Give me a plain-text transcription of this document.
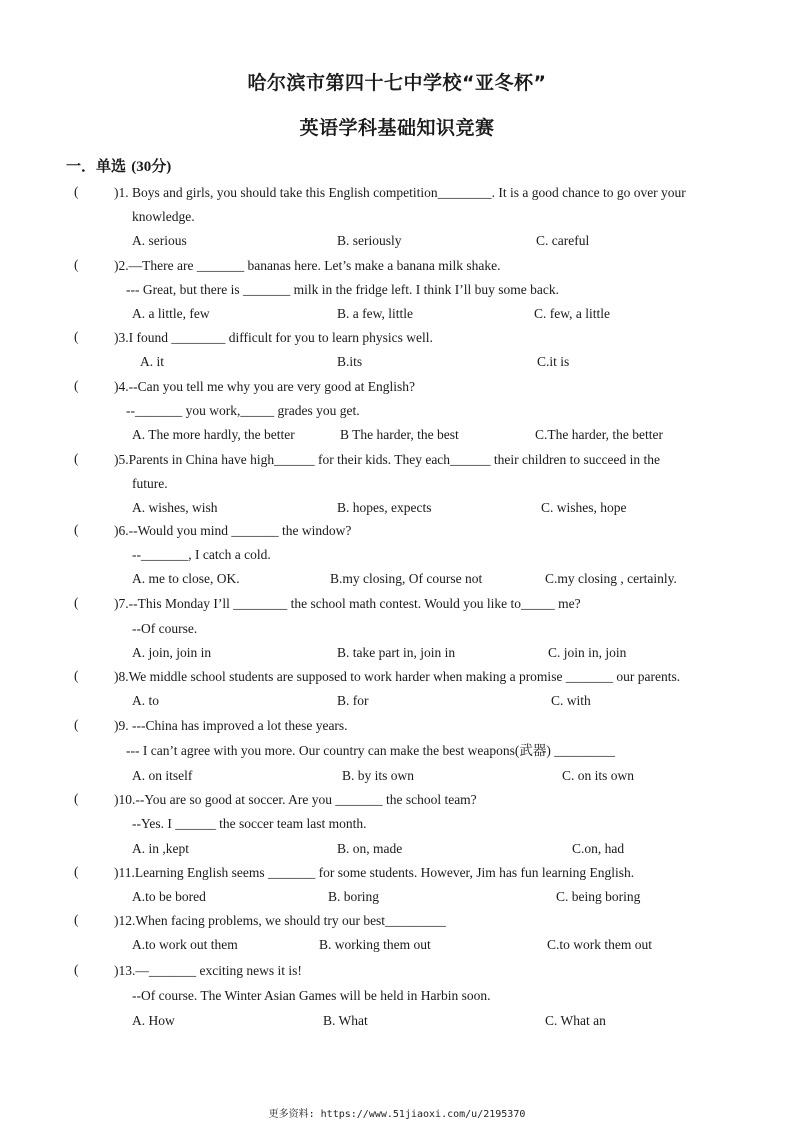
哈尔滨市第四十七中学校“亚冬杯”
英语学科基础知识竞赛
一．单选 (30分)
(	)1. Boys and girls, you should take this English competition________. It is a good chance to go over your
knowledge.
A. serious	B. seriously	C. careful
(	)2.—There are _______ bananas here. Let’s make a banana milk shake.
--- Great, but there is _______ milk in the fridge left. I think I’ll buy some back.
A. a little, few	B. a few, little	C. few, a little
(	)3.I found ________ difficult for you to learn physics well.
A. it	B.its	C.it is
(	)4.--Can you tell me why you are very good at English?
--_______ you work,_____ grades you get.
A. The more hardly, the better	B The harder, the best	C.The harder, the better
(	)5.Parents in China have high______ for their kids. They each______ their children to succeed in the
future.
A. wishes, wish	B. hopes, expects	C. wishes, hope
(	)6.--Would you mind _______ the window?
--_______, I catch a cold.
A. me to close, OK.	B.my closing, Of course not	C.my closing , certainly.
(	)7.--This Monday I’ll ________ the school math contest. Would you like to_____ me?
--Of course.
A. join, join in	B. take part in, join in	C. join in, join
(	)8.We middle school students are supposed to work harder when making a promise _______ our parents.
A. to	B. for	C. with
(	)9. ---China has improved a lot these years.
--- I can’t agree with you more. Our country can make the best weapons(武器) _________
A. on itself	B. by its own	C. on its own
(	)10.--You are so good at soccer. Are you _______ the school team?
--Yes. I ______ the soccer team last month.
A. in ,kept	B. on, made	C.on, had
(	)11.Learning English seems _______ for some students. However, Jim has fun learning English.
A.to be bored	B. boring	C. being boring
(	)12.When facing problems, we should try our best_________
A.to work out them	B. working them out	C.to work them out
(	)13.—_______ exciting news it is!
--Of course. The Winter Asian Games will be held in Harbin soon.
A. How	B. What	C. What an
更多资料: https://www.51jiaoxi.com/u/2195370
